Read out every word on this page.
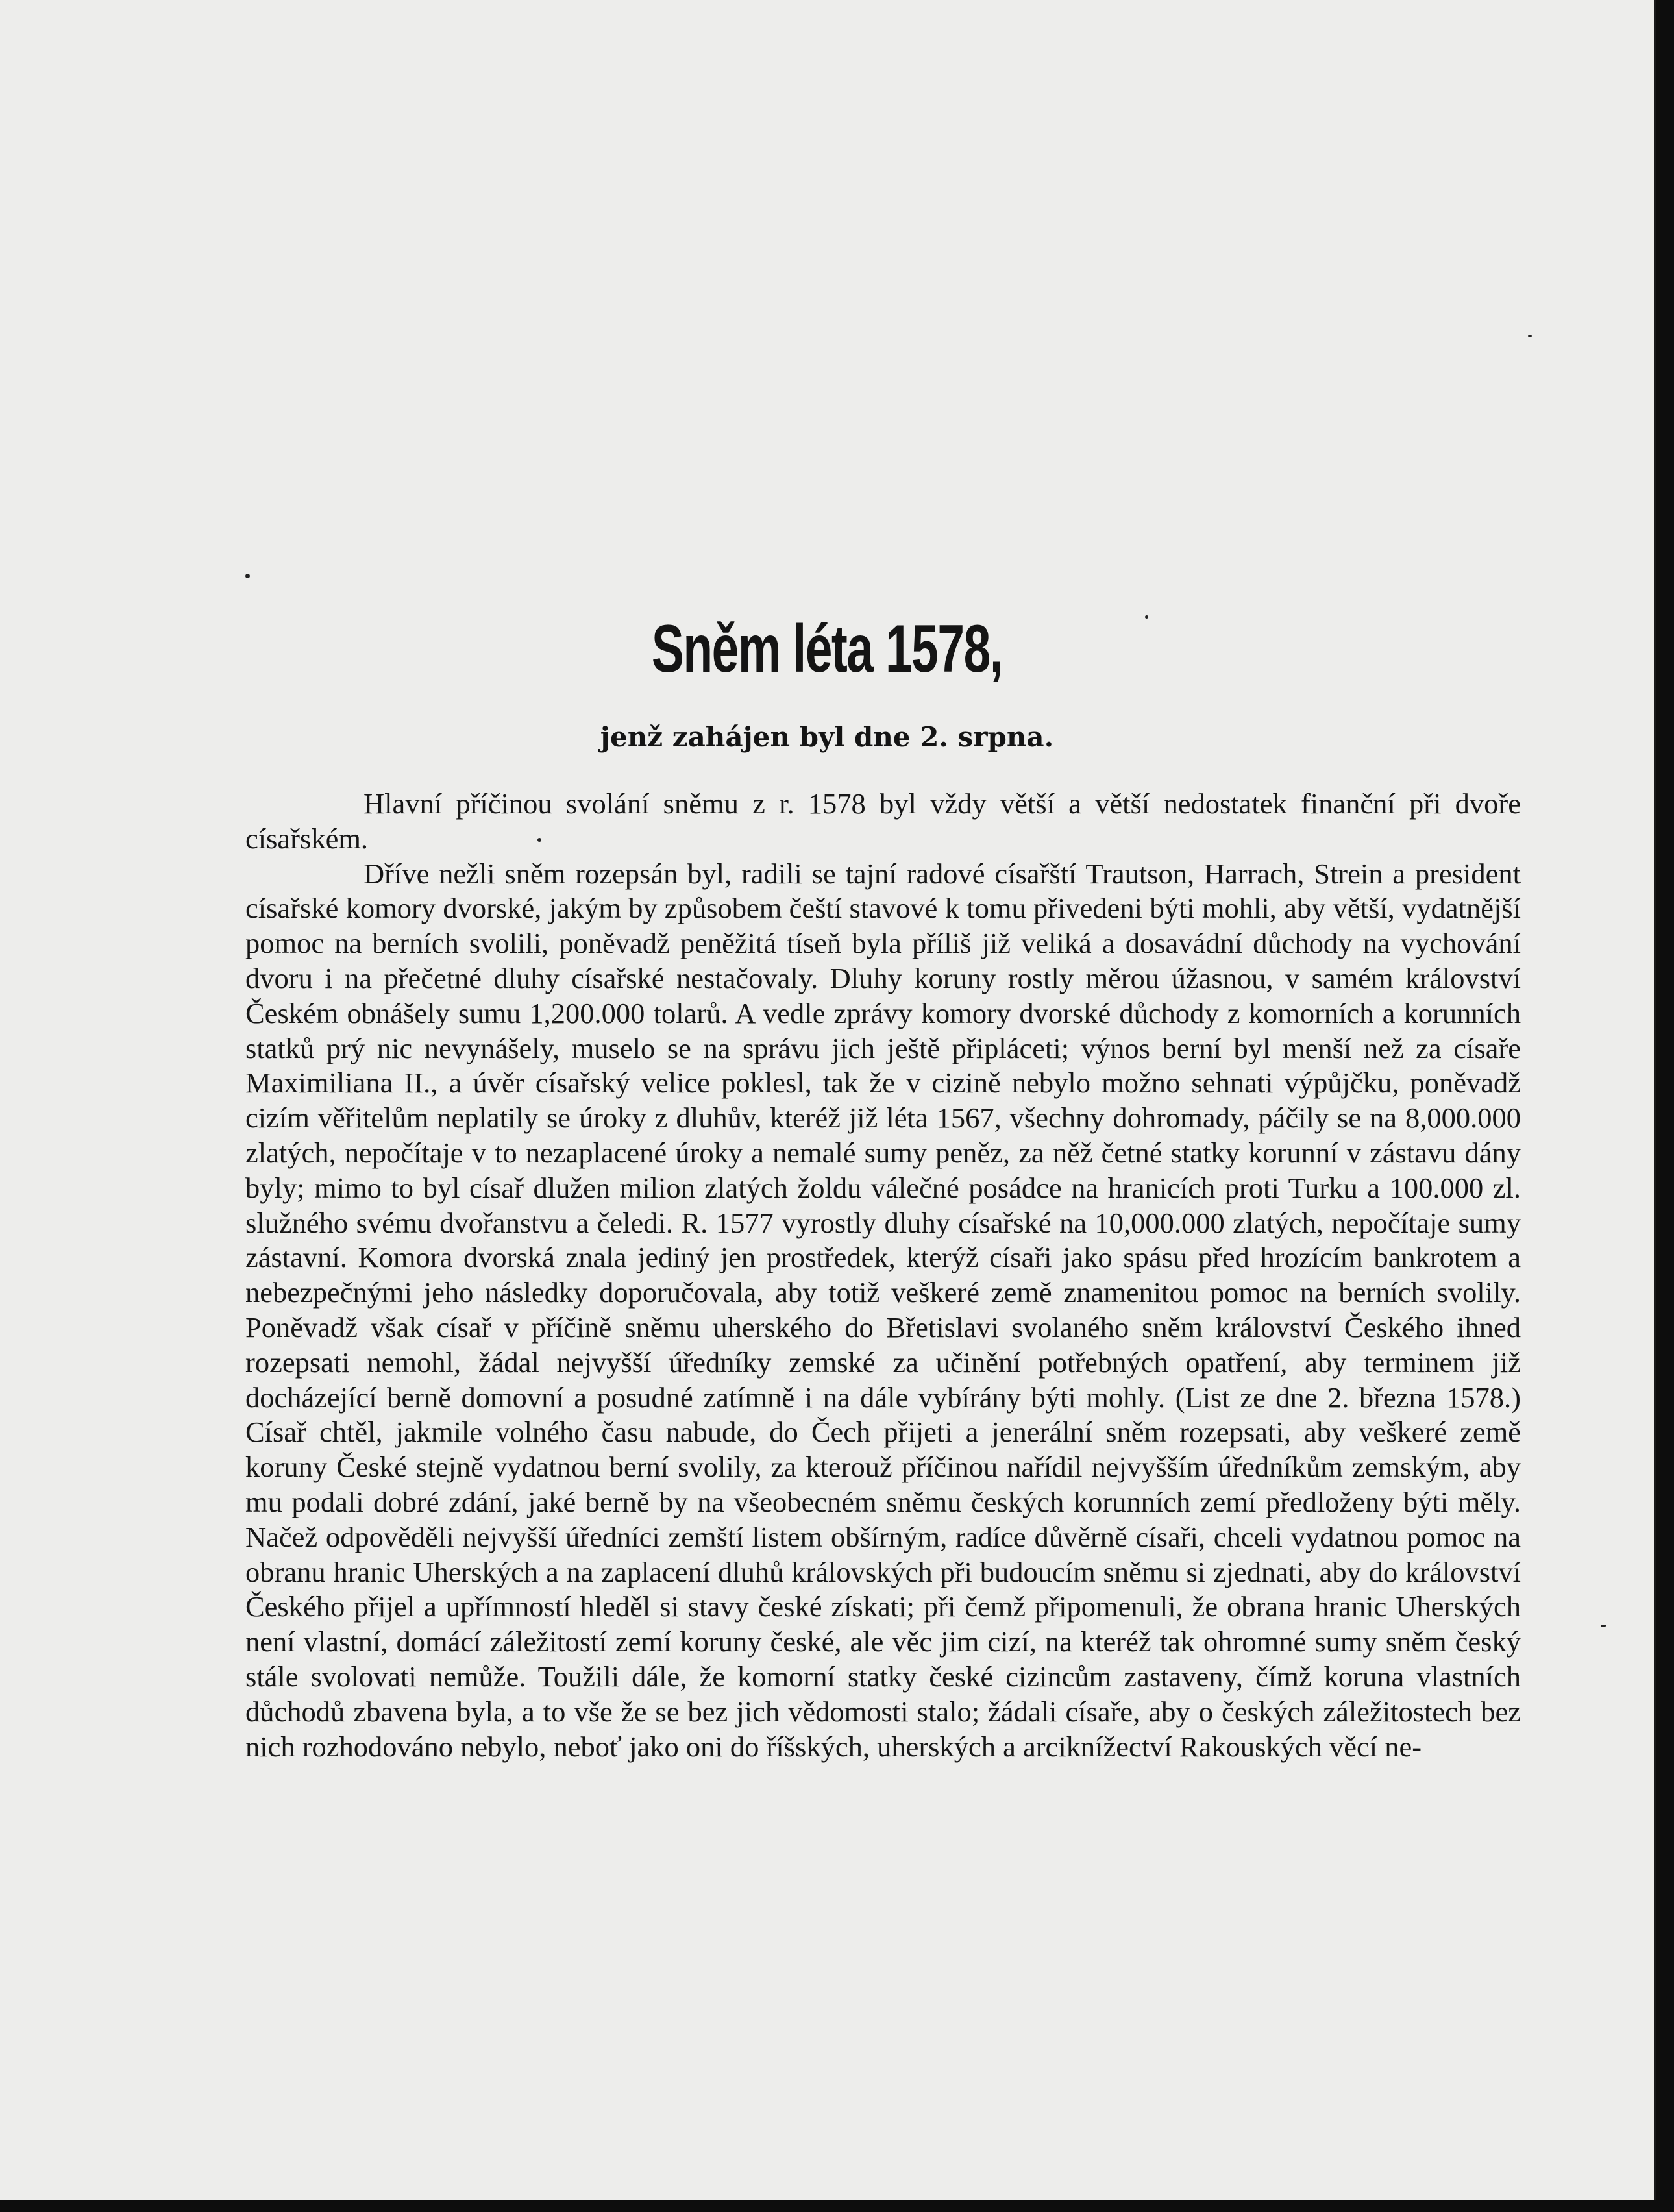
Sněm léta 1578,
jenž zahájen byl dne 2. srpna.

Hlavní příčinou svolání sněmu z r. 1578 byl vždy větší a větší nedostatek finanční při dvoře císařském.

Dříve nežli sněm rozepsán byl, radili se tajní radové císařští Trautson, Harrach, Strein a president císařské komory dvorské, jakým by způsobem čeští stavové k tomu přivedeni býti mohli, aby větší, vydatnější pomoc na berních svolili, poněvadž peněžitá tíseň byla příliš již veliká a dosavádní důchody na vychování dvoru i na přečetné dluhy císařské nestačovaly. Dluhy koruny rostly měrou úžasnou, v samém království Českém obnášely sumu 1,200.000 tolarů. A vedle zprávy komory dvorské důchody z komorních a korunních statků prý nic nevynášely, muselo se na správu jich ještě připláceti; výnos berní byl menší než za císaře Maximiliana II., a úvěr císařský velice poklesl, tak že v cizině nebylo možno sehnati výpůjčku, poněvadž cizím věřitelům neplatily se úroky z dluhův, kteréž již léta 1567, všechny dohromady, páčily se na 8,000.000 zlatých, nepočítaje v to nezaplacené úroky a nemalé sumy peněz, za něž četné statky korunní v zástavu dány byly; mimo to byl císař dlužen milion zlatých žoldu válečné posádce na hranicích proti Turku a 100.000 zl. služného svému dvořanstvu a čeledi. R. 1577 vyrostly dluhy císařské na 10,000.000 zlatých, nepočítaje sumy zástavní. Komora dvorská znala jediný jen prostředek, kterýž císaři jako spásu před hrozícím bankrotem a nebezpečnými jeho následky doporučovala, aby totiž veškeré země znamenitou pomoc na berních svolily. Poněvadž však císař v příčině sněmu uherského do Břetislavi svolaného sněm království Českého ihned rozepsati nemohl, žádal nejvyšší úředníky zemské za učinění potřebných opatření, aby terminem již docházející berně domovní a posudné zatímně i na dále vybírány býti mohly. (List ze dne 2. března 1578.) Císař chtěl, jakmile volného času nabude, do Čech přijeti a jenerální sněm rozepsati, aby veškeré země koruny České stejně vydatnou berní svolily, za kterouž příčinou nařídil nejvyšším úředníkům zemským, aby mu podali dobré zdání, jaké berně by na všeobecném sněmu českých korunních zemí předloženy býti měly. Načež odpověděli nejvyšší úředníci zemští listem obšírným, radíce důvěrně císaři, chceli vydatnou pomoc na obranu hranic Uherských a na zaplacení dluhů královských při budoucím sněmu si zjednati, aby do království Českého přijel a upřímností hleděl si stavy české získati; při čemž připomenuli, že obrana hranic Uherských není vlastní, domácí záležitostí zemí koruny české, ale věc jim cizí, na kteréž tak ohromné sumy sněm český stále svolovati nemůže. Toužili dále, že komorní statky české cizincům zastaveny, čímž koruna vlastních důchodů zbavena byla, a to vše že se bez jich vědomosti stalo; žádali císaře, aby o českých záležitostech bez nich rozhodováno nebylo, neboť jako oni do říšských, uherských a arciknížectví Rakouských věcí ne-
